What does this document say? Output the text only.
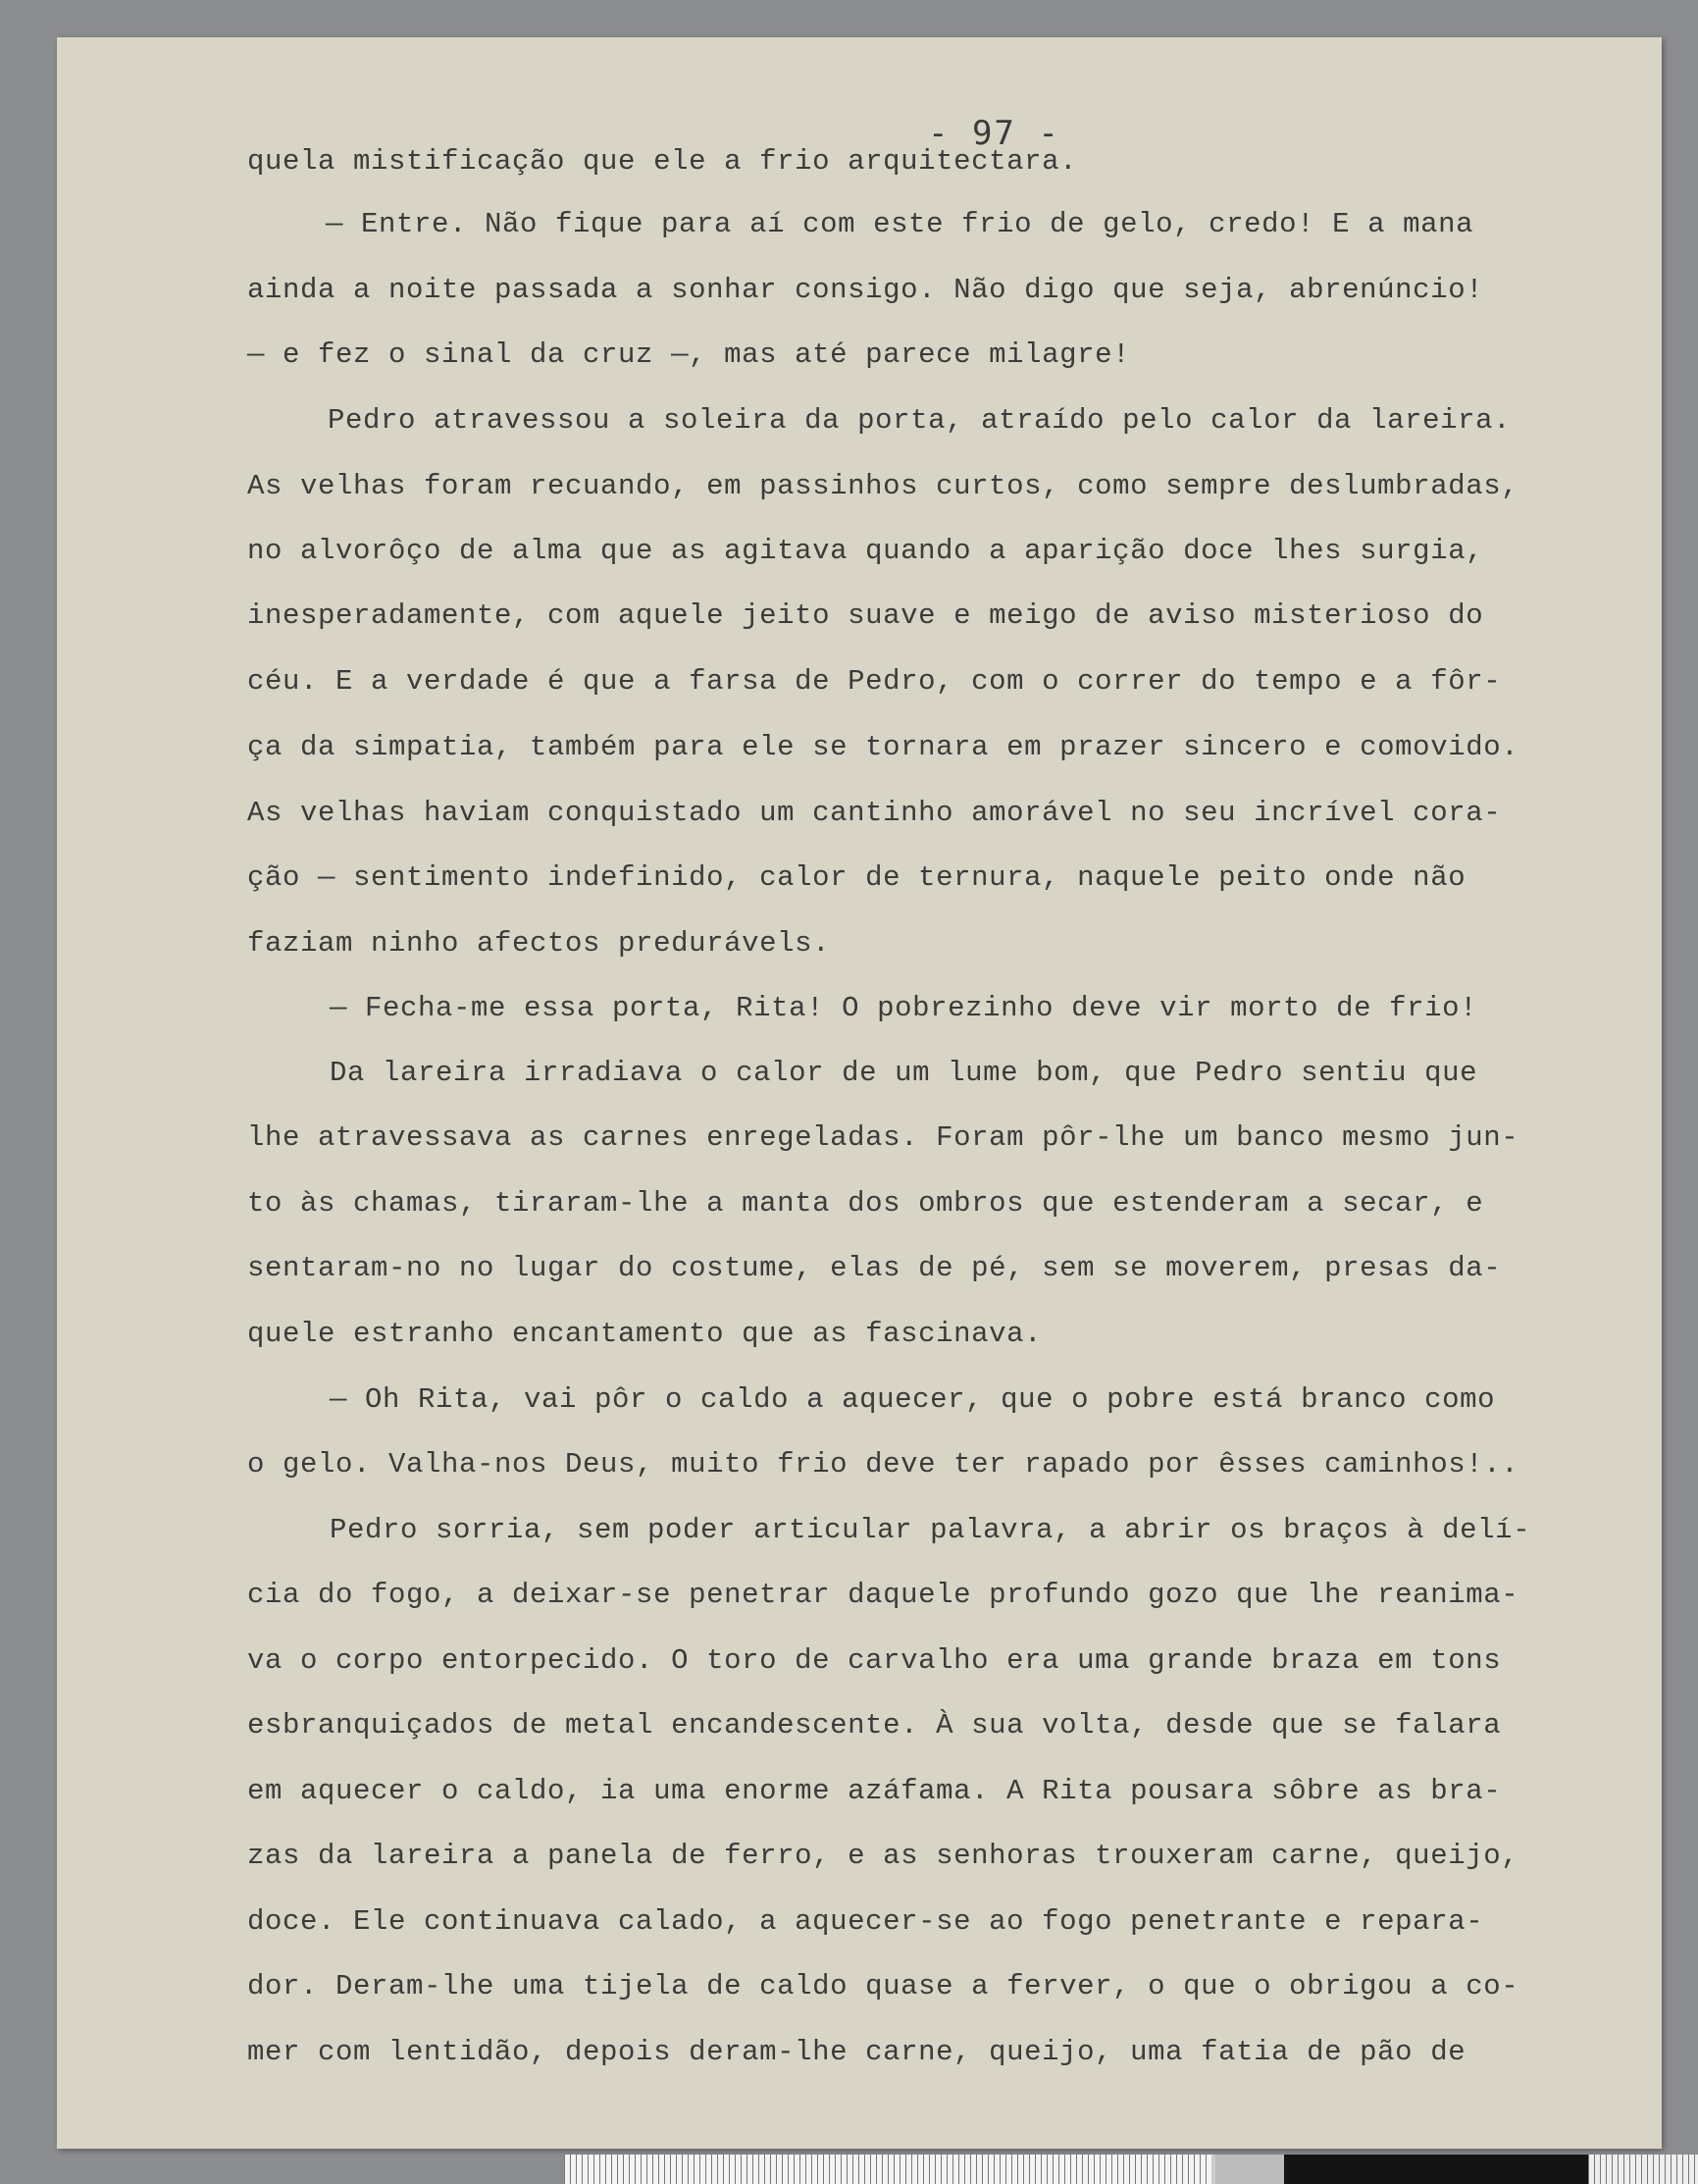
- 97 -
quela mistificação que ele a frio arquitectara.
— Entre. Não fique para aí com este frio de gelo, credo! E a mana
ainda a noite passada a sonhar consigo. Não digo que seja, abrenúncio!
— e fez o sinal da cruz —, mas até parece milagre!
Pedro atravessou a soleira da porta, atraído pelo calor da lareira.
As velhas foram recuando, em passinhos curtos, como sempre deslumbradas,
no alvorôço de alma que as agitava quando a aparição doce lhes surgia,
inesperadamente, com aquele jeito suave e meigo de aviso misterioso do
céu. E a verdade é que a farsa de Pedro, com o correr do tempo e a fôr-
ça da simpatia, também para ele se tornara em prazer sincero e comovido.
As velhas haviam conquistado um cantinho amorável no seu incrível cora-
ção — sentimento indefinido, calor de ternura, naquele peito onde não
faziam ninho afectos predurávels.
— Fecha-me essa porta, Rita! O pobrezinho deve vir morto de frio!
Da lareira irradiava o calor de um lume bom, que Pedro sentiu que
lhe atravessava as carnes enregeladas. Foram pôr-lhe um banco mesmo jun-
to às chamas, tiraram-lhe a manta dos ombros que estenderam a secar, e
sentaram-no no lugar do costume, elas de pé, sem se moverem, presas da-
quele estranho encantamento que as fascinava.
— Oh Rita, vai pôr o caldo a aquecer, que o pobre está branco como
o gelo. Valha-nos Deus, muito frio deve ter rapado por êsses caminhos!..
Pedro sorria, sem poder articular palavra, a abrir os braços à delí-
cia do fogo, a deixar-se penetrar daquele profundo gozo que lhe reanima-
va o corpo entorpecido. O toro de carvalho era uma grande braza em tons
esbranquiçados de metal encandescente. À sua volta, desde que se falara
em aquecer o caldo, ia uma enorme azáfama. A Rita pousara sôbre as bra-
zas da lareira a panela de ferro, e as senhoras trouxeram carne, queijo,
doce. Ele continuava calado, a aquecer-se ao fogo penetrante e repara-
dor. Deram-lhe uma tijela de caldo quase a ferver, o que o obrigou a co-
mer com lentidão, depois deram-lhe carne, queijo, uma fatia de pão de
